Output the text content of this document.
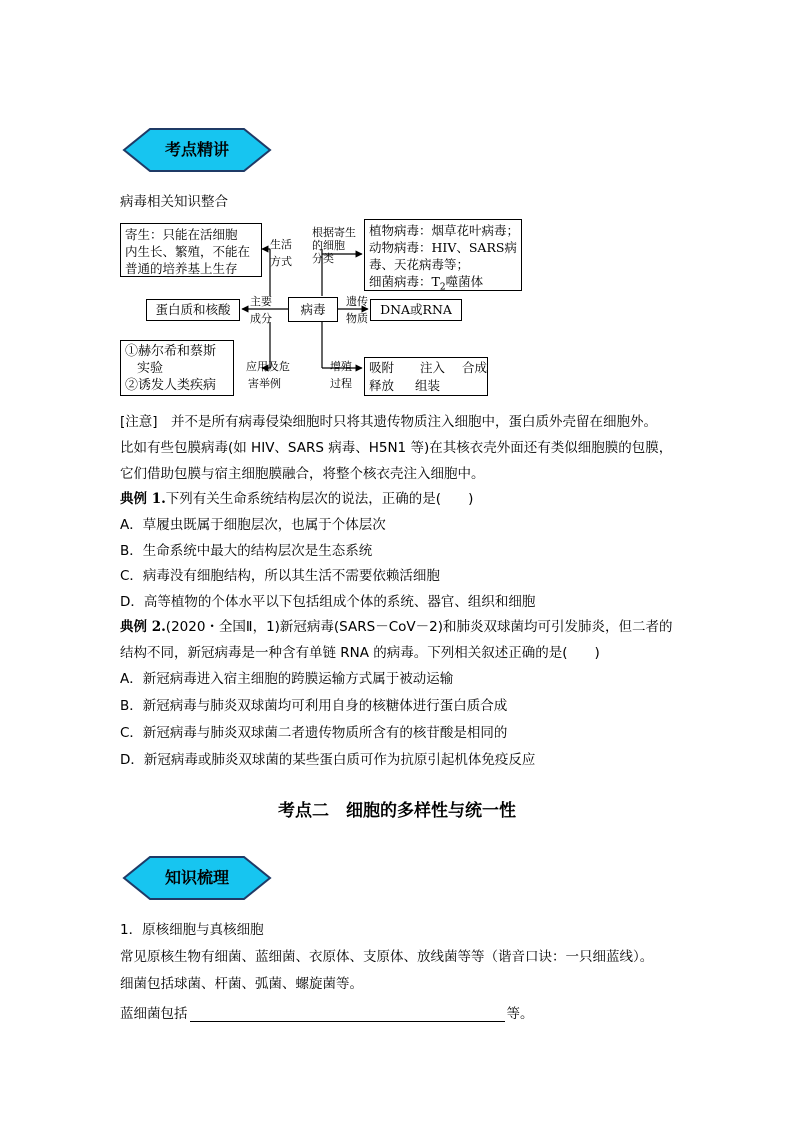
考点精讲
病毒相关知识整合
寄生：只能在活细胞
内生长、繁殖，不能在
普通的培养基上生存
生活
方式
根据寄生
的细胞
分类
植物病毒：烟草花叶病毒；
动物病毒：HIV、SARS病
毒、天花病毒等；
细菌病毒：$T_2$噬菌体
蛋白质和核酸
主要
成分
病毒
遗传
物质
DNA或RNA
①赫尔希和蔡斯
实验
②诱发人类疾病
应用及危
害举例
增殖
过程
吸附 注入 合成
释放 组装
[注意]　并不是所有病毒侵染细胞时只将其遗传物质注入细胞中，蛋白质外壳留在细胞外。
比如有些包膜病毒(如 HIV、SARS 病毒、H5N1 等)在其核衣壳外面还有类似细胞膜的包膜，
它们借助包膜与宿主细胞膜融合，将整个核衣壳注入细胞中。
典例 1.下列有关生命系统结构层次的说法，正确的是(　　)
A．草履虫既属于细胞层次，也属于个体层次
B．生命系统中最大的结构层次是生态系统
C．病毒没有细胞结构，所以其生活不需要依赖活细胞
D．高等植物的个体水平以下包括组成个体的系统、器官、组织和细胞
典例 2.(2020・全国Ⅱ，1)新冠病毒(SARS－CoV－2)和肺炎双球菌均可引发肺炎，但二者的
结构不同，新冠病毒是一种含有单链 RNA 的病毒。下列相关叙述正确的是(　　)
A．新冠病毒进入宿主细胞的跨膜运输方式属于被动运输
B．新冠病毒与肺炎双球菌均可利用自身的核糖体进行蛋白质合成
C．新冠病毒与肺炎双球菌二者遗传物质所含有的核苷酸是相同的
D．新冠病毒或肺炎双球菌的某些蛋白质可作为抗原引起机体免疫反应
考点二　细胞的多样性与统一性
知识梳理
1．原核细胞与真核细胞
常见原核生物有细菌、蓝细菌、衣原体、支原体、放线菌等等（谐音口诀：一只细蓝线）。
细菌包括球菌、杆菌、弧菌、螺旋菌等。
蓝细菌包括	等。
